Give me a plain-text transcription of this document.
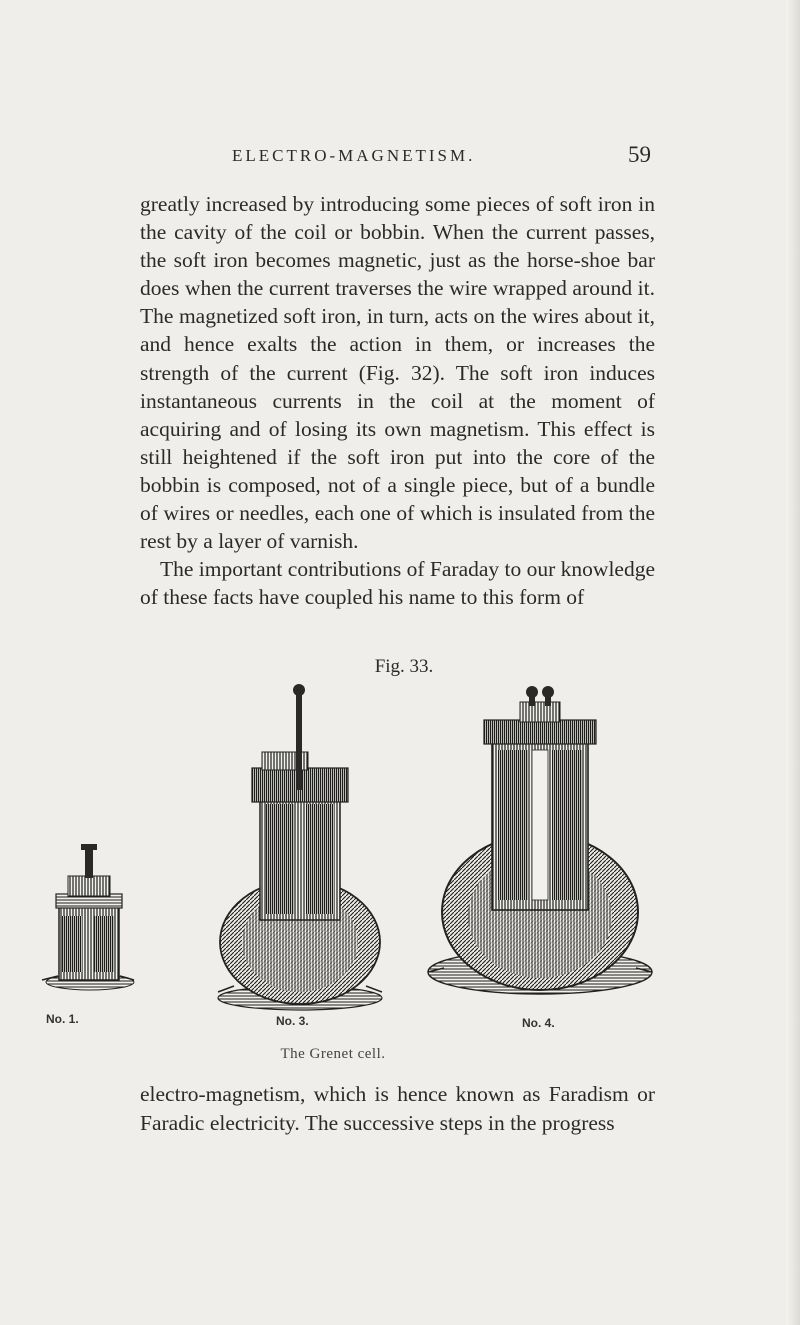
ELECTRO-MAGNETISM.	59

greatly increased by introducing some pieces of soft iron in the cavity of the coil or bobbin. When the current passes, the soft iron becomes magnetic, just as the horse-shoe bar does when the current traverses the wire wrapped around it. The magnetized soft iron, in turn, acts on the wires about it, and hence exalts the action in them, or increases the strength of the current (Fig. 32). The soft iron induces instantaneous currents in the coil at the moment of acquiring and of losing its own magnetism. This effect is still heightened if the soft iron put into the core of the bobbin is composed, not of a single piece, but of a bundle of wires or needles, each one of which is insulated from the rest by a layer of varnish.

The important contributions of Faraday to our knowledge of these facts have coupled his name to this form of

Fig. 33.
No. 1.	No. 3.	No. 4.
The Grenet cell.

electro-magnetism, which is hence known as Faradism or Faradic electricity. The successive steps in the progress
